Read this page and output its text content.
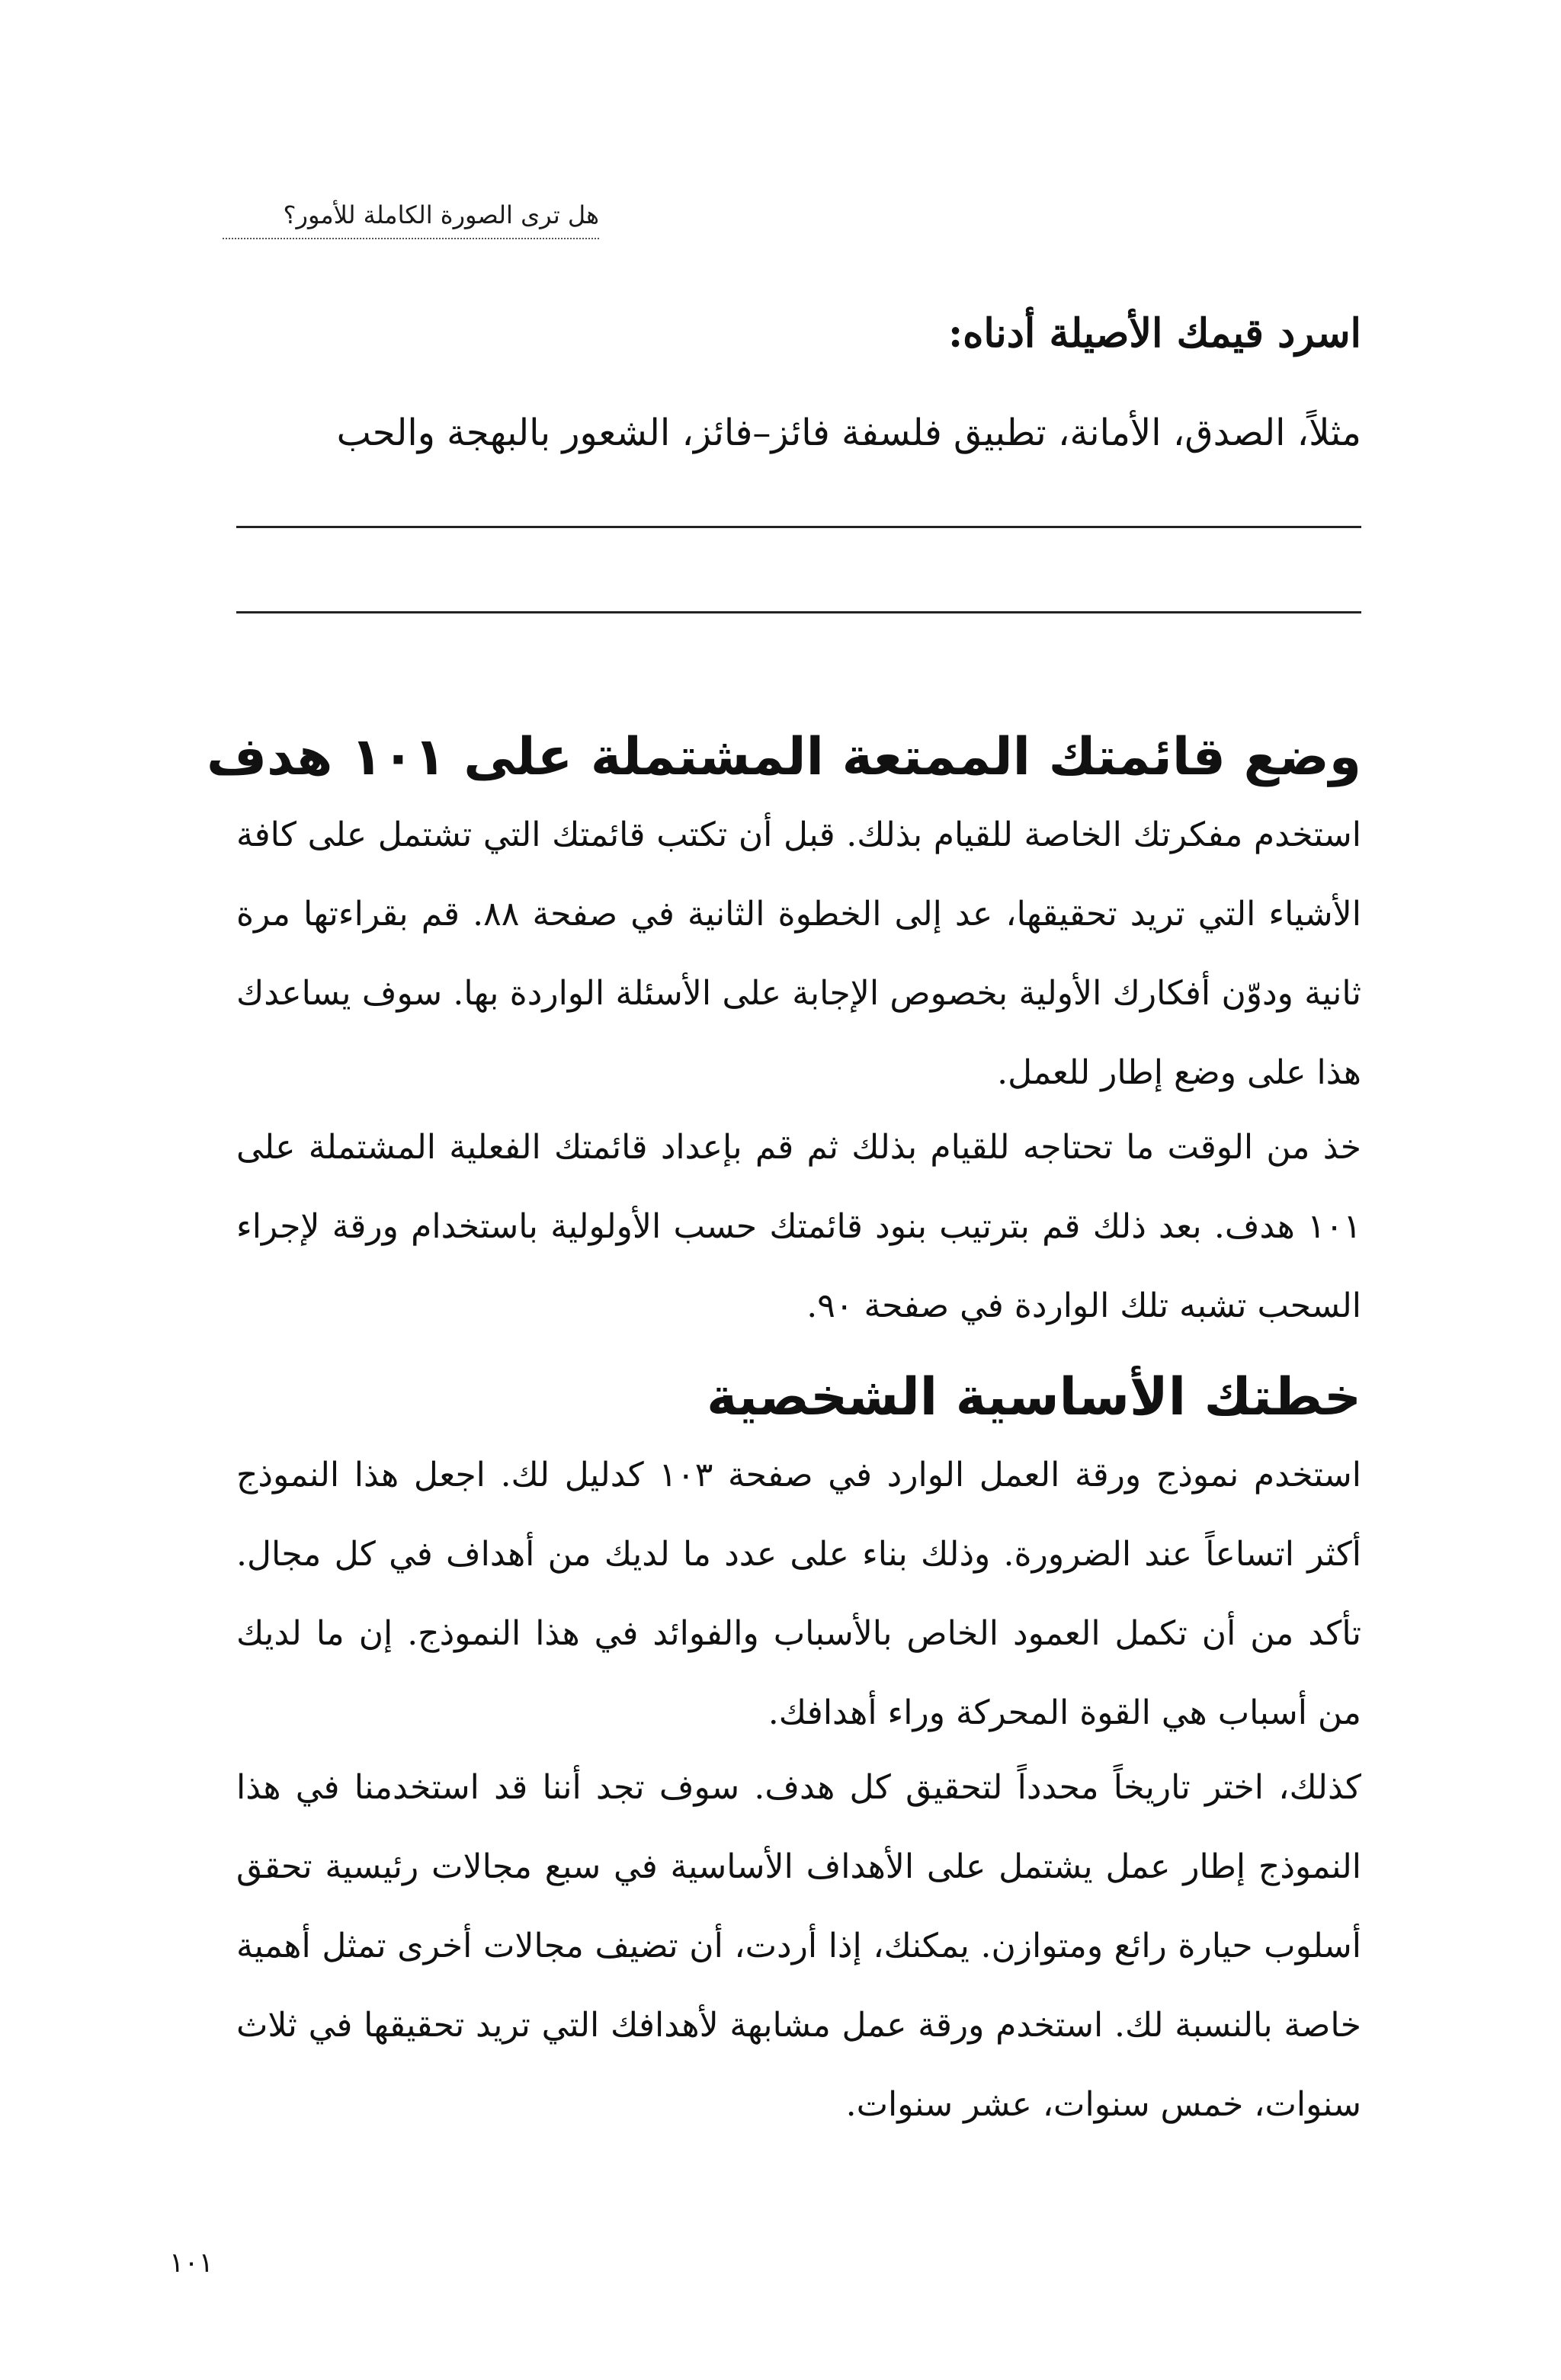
هل ترى الصورة الكاملة للأمور؟
اسرد قيمك الأصيلة أدناه:
مثلاً، الصدق، الأمانة، تطبيق فلسفة فائز–فائز، الشعور بالبهجة والحب
وضع قائمتك الممتعة المشتملة على ١٠١ هدف

استخدم مفكرتك الخاصة للقيام بذلك. قبل أن تكتب قائمتك التي تشتمل على كافة الأشياء التي تريد تحقيقها، عد إلى الخطوة الثانية في صفحة ٨٨. قم بقراءتها مرة ثانية ودوّن أفكارك الأولية بخصوص الإجابة على الأسئلة الواردة بها. سوف يساعدك هذا على وضع إطار للعمل.

خذ من الوقت ما تحتاجه للقيام بذلك ثم قم بإعداد قائمتك الفعلية المشتملة على ١٠١ هدف. بعد ذلك قم بترتيب بنود قائمتك حسب الأولولية باستخدام ورقة لإجراء السحب تشبه تلك الواردة في صفحة ٩٠.

خطتك الأساسية الشخصية

استخدم نموذج ورقة العمل الوارد في صفحة ١٠٣ كدليل لك. اجعل هذا النموذج أكثر اتساعاً عند الضرورة. وذلك بناء على عدد ما لديك من أهداف في كل مجال. تأكد من أن تكمل العمود الخاص بالأسباب والفوائد في هذا النموذج. إن ما لديك من أسباب هي القوة المحركة وراء أهدافك.

كذلك، اختر تاريخاً محدداً لتحقيق كل هدف. سوف تجد أننا قد استخدمنا في هذا النموذج إطار عمل يشتمل على الأهداف الأساسية في سبع مجالات رئيسية تحقق أسلوب حيارة رائع ومتوازن. يمكنك، إذا أردت، أن تضيف مجالات أخرى تمثل أهمية خاصة بالنسبة لك. استخدم ورقة عمل مشابهة لأهدافك التي تريد تحقيقها في ثلاث سنوات، خمس سنوات، عشر سنوات.

١٠١
